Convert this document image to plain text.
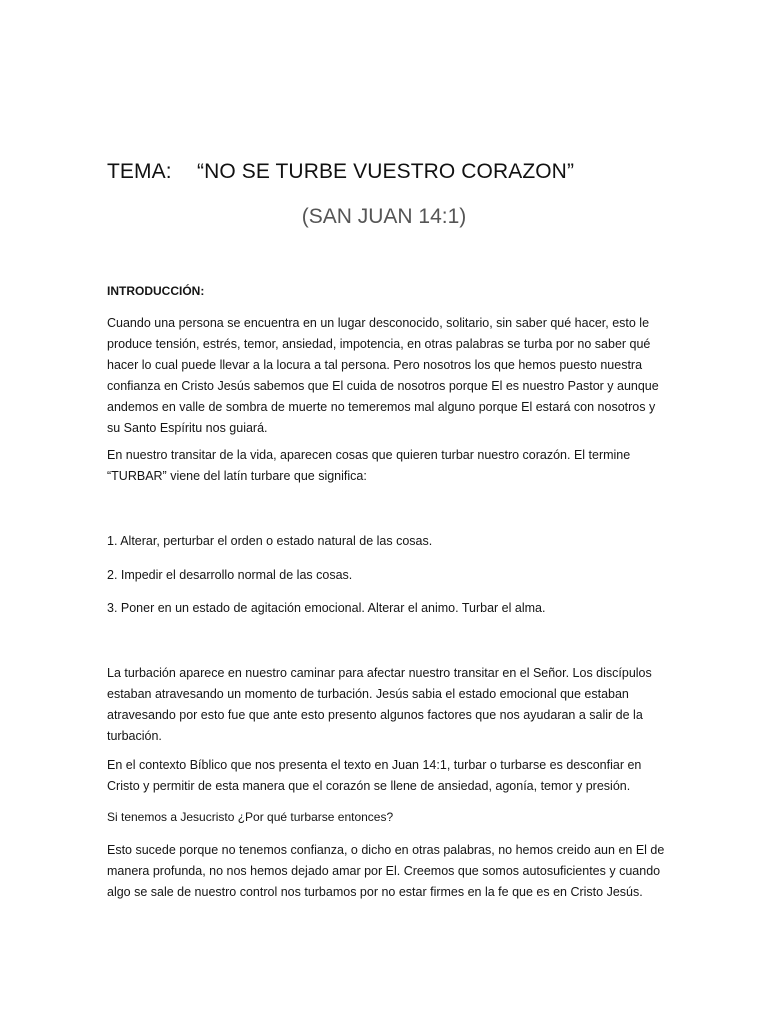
TEMA: “NO SE TURBE VUESTRO CORAZON”
(SAN JUAN 14:1)

INTRODUCCIÓN:

Cuando una persona se encuentra en un lugar desconocido, solitario, sin saber qué hacer, esto le produce tensión, estrés, temor, ansiedad, impotencia, en otras palabras se turba por no saber qué hacer lo cual puede llevar a la locura a tal persona. Pero nosotros los que hemos puesto nuestra confianza en Cristo Jesús sabemos que El cuida de nosotros porque El es nuestro Pastor y aunque andemos en valle de sombra de muerte no temeremos mal alguno porque El estará con nosotros y su Santo Espíritu nos guiará.

En nuestro transitar de la vida, aparecen cosas que quieren turbar nuestro corazón. El termine “TURBAR” viene del latín turbare que significa:

1. Alterar, perturbar el orden o estado natural de las cosas.

2. Impedir el desarrollo normal de las cosas.

3. Poner en un estado de agitación emocional. Alterar el animo. Turbar el alma.

La turbación aparece en nuestro caminar para afectar nuestro transitar en el Señor. Los discípulos estaban atravesando un momento de turbación. Jesús sabia el estado emocional que estaban atravesando por esto fue que ante esto presento algunos factores que nos ayudaran a salir de la turbación.

En el contexto Bíblico que nos presenta el texto en Juan 14:1, turbar o turbarse es desconfiar en Cristo y permitir de esta manera que el corazón se llene de ansiedad, agonía, temor y presión.

Si tenemos a Jesucristo ¿Por qué turbarse entonces?

Esto sucede porque no tenemos confianza, o dicho en otras palabras, no hemos creido aun en El de manera profunda, no nos hemos dejado amar por El. Creemos que somos autosuficientes y cuando algo se sale de nuestro control nos turbamos por no estar firmes en la fe que es en Cristo Jesús.
